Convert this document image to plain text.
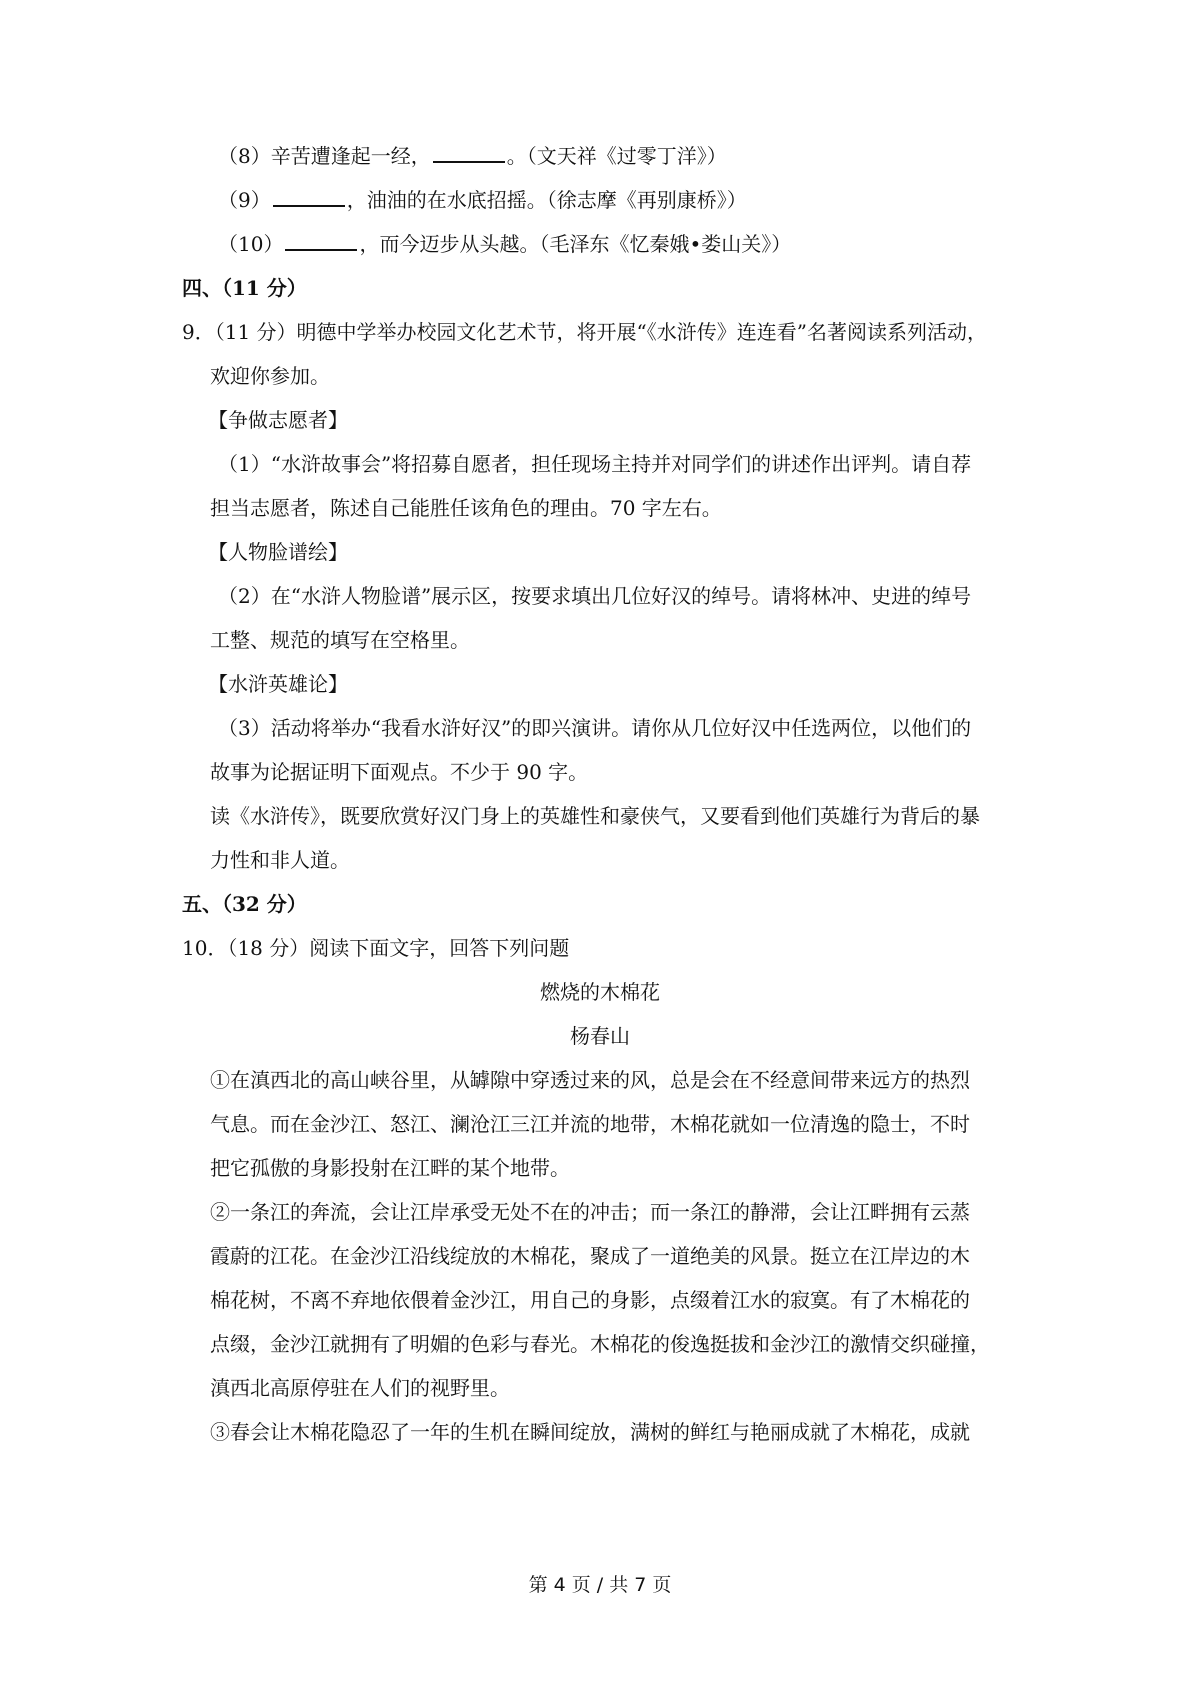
（8）辛苦遭逢起一经，	。（文天祥《过零丁洋》）
（9）	，油油的在水底招摇。（徐志摩《再别康桥》）
（10）	，而今迈步从头越。（毛泽东《忆秦娥•娄山关》）
四、（11 分）
9．（11 分）明德中学举办校园文化艺术节，将开展“《水浒传》连连看”名著阅读系列活动，
欢迎你参加。
【争做志愿者】
（1）“水浒故事会”将招募自愿者，担任现场主持并对同学们的讲述作出评判。请自荐
担当志愿者，陈述自己能胜任该角色的理由。70 字左右。
【人物脸谱绘】
（2）在“水浒人物脸谱”展示区，按要求填出几位好汉的绰号。请将林冲、史进的绰号
工整、规范的填写在空格里。
【水浒英雄论】
（3）活动将举办“我看水浒好汉”的即兴演讲。请你从几位好汉中任选两位，以他们的
故事为论据证明下面观点。不少于 90 字。
读《水浒传》，既要欣赏好汉门身上的英雄性和豪侠气，又要看到他们英雄行为背后的暴
力性和非人道。
五、（32 分）
10．（18 分）阅读下面文字，回答下列问题
燃烧的木棉花
杨春山
①在滇西北的高山峡谷里，从罅隙中穿透过来的风，总是会在不经意间带来远方的热烈
气息。而在金沙江、怒江、澜沧江三江并流的地带，木棉花就如一位清逸的隐士，不时
把它孤傲的身影投射在江畔的某个地带。
②一条江的奔流，会让江岸承受无处不在的冲击；而一条江的静滞，会让江畔拥有云蒸
霞蔚的江花。在金沙江沿线绽放的木棉花，聚成了一道绝美的风景。挺立在江岸边的木
棉花树，不离不弃地依偎着金沙江，用自己的身影，点缀着江水的寂寞。有了木棉花的
点缀，金沙江就拥有了明媚的色彩与春光。木棉花的俊逸挺拔和金沙江的激情交织碰撞，
滇西北高原停驻在人们的视野里。
③春会让木棉花隐忍了一年的生机在瞬间绽放，满树的鲜红与艳丽成就了木棉花，成就
第 4 页 / 共 7 页
